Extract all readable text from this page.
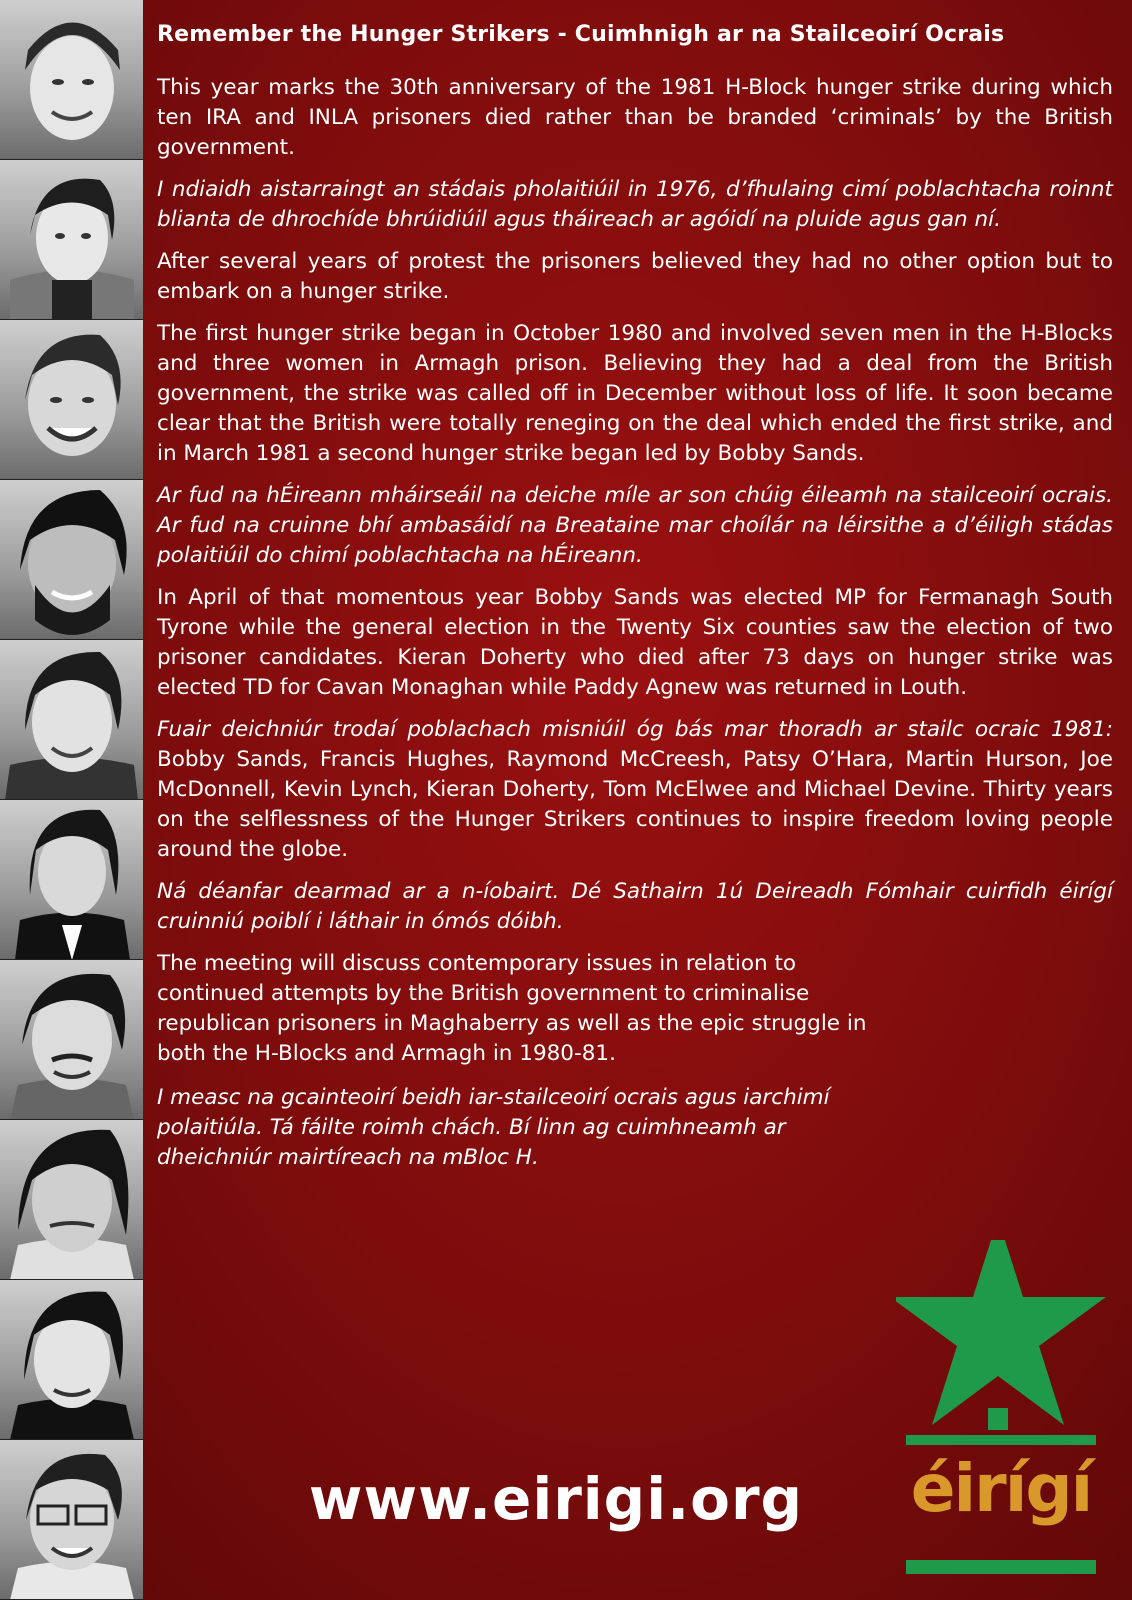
Remember the Hunger Strikers - Cuimhnigh ar na Stailceoirí Ocrais

This year marks the 30th anniversary of the 1981 H-Block hunger strike during which ten IRA and INLA prisoners died rather than be branded ‘criminals’ by the British government.

I ndiaidh aistarraingt an stádais pholaitiúil in 1976, d’fhulaing cimí poblachtacha roinnt blianta de dhrochíde bhrúidiúil agus tháireach ar agóidí na pluide agus gan ní.

After several years of protest the prisoners believed they had no other option but to embark on a hunger strike.

The first hunger strike began in October 1980 and involved seven men in the H-Blocks and three women in Armagh prison. Believing they had a deal from the British government, the strike was called off in December without loss of life. It soon became clear that the British were totally reneging on the deal which ended the first strike, and in March 1981 a second hunger strike began led by Bobby Sands.

Ar fud na hÉireann mháirseáil na deiche míle ar son chúig éileamh na stailceoirí ocrais. Ar fud na cruinne bhí ambasáidí na Breataine mar choílár na léirsithe a d’éiligh stádas polaitiúil do chimí poblachtacha na hÉireann.

In April of that momentous year Bobby Sands was elected MP for Fermanagh South Tyrone while the general election in the Twenty Six counties saw the election of two prisoner candidates. Kieran Doherty who died after 73 days on hunger strike was elected TD for Cavan Monaghan while Paddy Agnew was returned in Louth.

Fuair deichniúr trodaí poblachach misniúil óg bás mar thoradh ar stailc ocraic 1981: Bobby Sands, Francis Hughes, Raymond McCreesh, Patsy O’Hara, Martin Hurson, Joe McDonnell, Kevin Lynch, Kieran Doherty, Tom McElwee and Michael Devine. Thirty years on the selflessness of the Hunger Strikers continues to inspire freedom loving people around the globe.

Ná déanfar dearmad ar a n-íobairt. Dé Sathairn 1ú Deireadh Fómhair cuirfidh éirígí cruinniú poiblí i láthair in ómós dóibh.

The meeting will discuss contemporary issues in relation to continued attempts by the British government to criminalise republican prisoners in Maghaberry as well as the epic struggle in both the H-Blocks and Armagh in 1980-81.

I measc na gcainteoirí beidh iar-stailceoirí ocrais agus iarchimí polaitiúla. Tá fáilte roimh chách. Bí linn ag cuimhneamh ar dheichniúr mairtíreach na mBloc H.

www.eirigi.org	éirígí
